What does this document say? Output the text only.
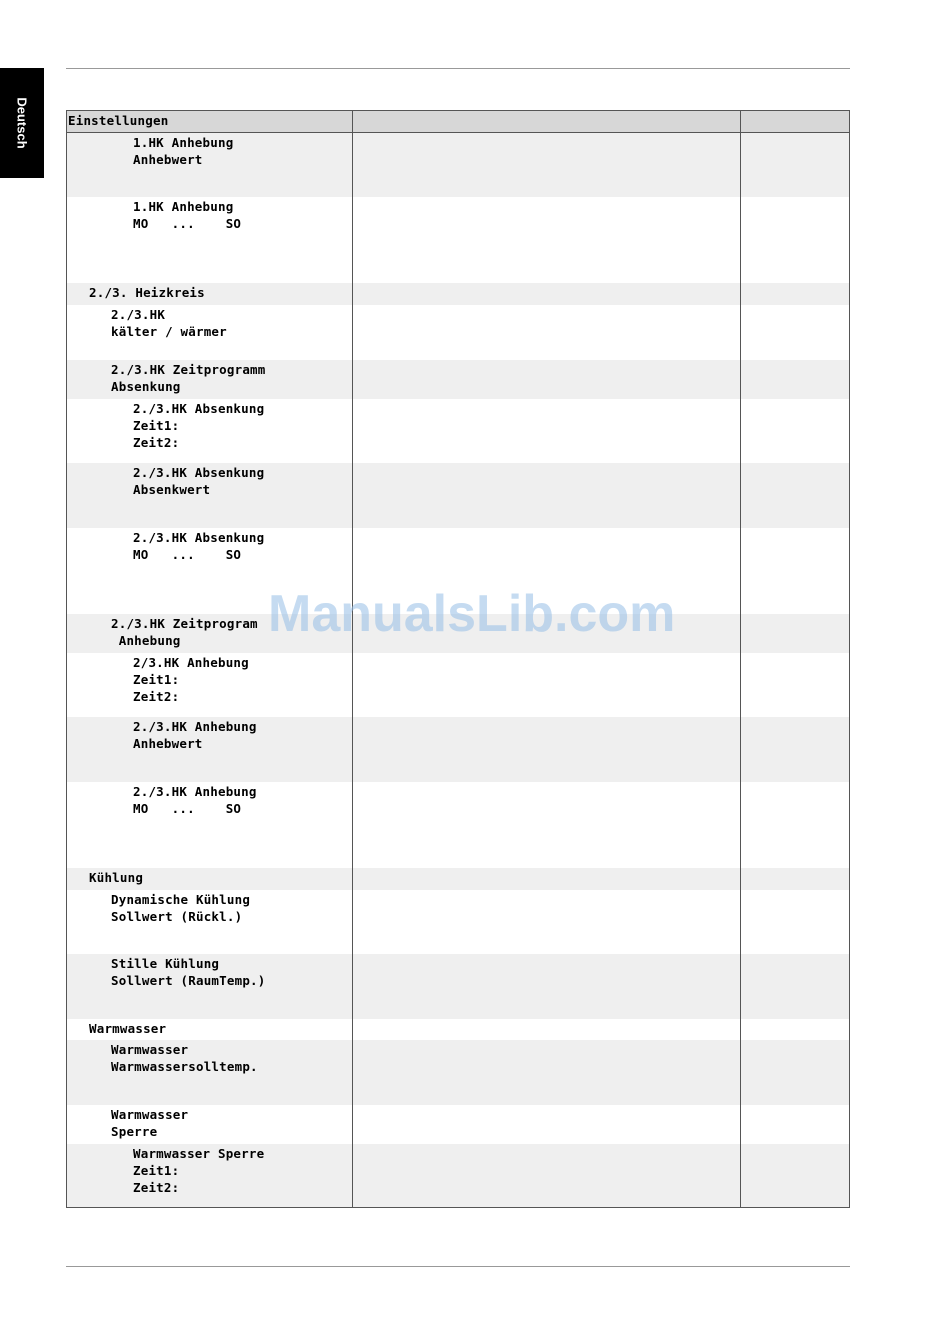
Deutsch	Einstellungen
1.HK Anhebung
Anhebwert
1.HK Anhebung
MO   ...    SO
2./3. Heizkreis
2./3.HK
kälter / wärmer
2./3.HK Zeitprogramm
Absenkung
2./3.HK Absenkung
Zeit1:
Zeit2:
2./3.HK Absenkung
Absenkwert
2./3.HK Absenkung
MO   ...    SO
2./3.HK Zeitprogram
Anhebung
2/3.HK Anhebung
Zeit1:
Zeit2:
2./3.HK Anhebung
Anhebwert
2./3.HK Anhebung
MO   ...    SO
Kühlung
Dynamische Kühlung
Sollwert (Rückl.)
Stille Kühlung
Sollwert (RaumTemp.)
Warmwasser
Warmwasser
Warmwassersolltemp.
Warmwasser
Sperre
Warmwasser Sperre
Zeit1:
Zeit2:
ManualsLib.com
